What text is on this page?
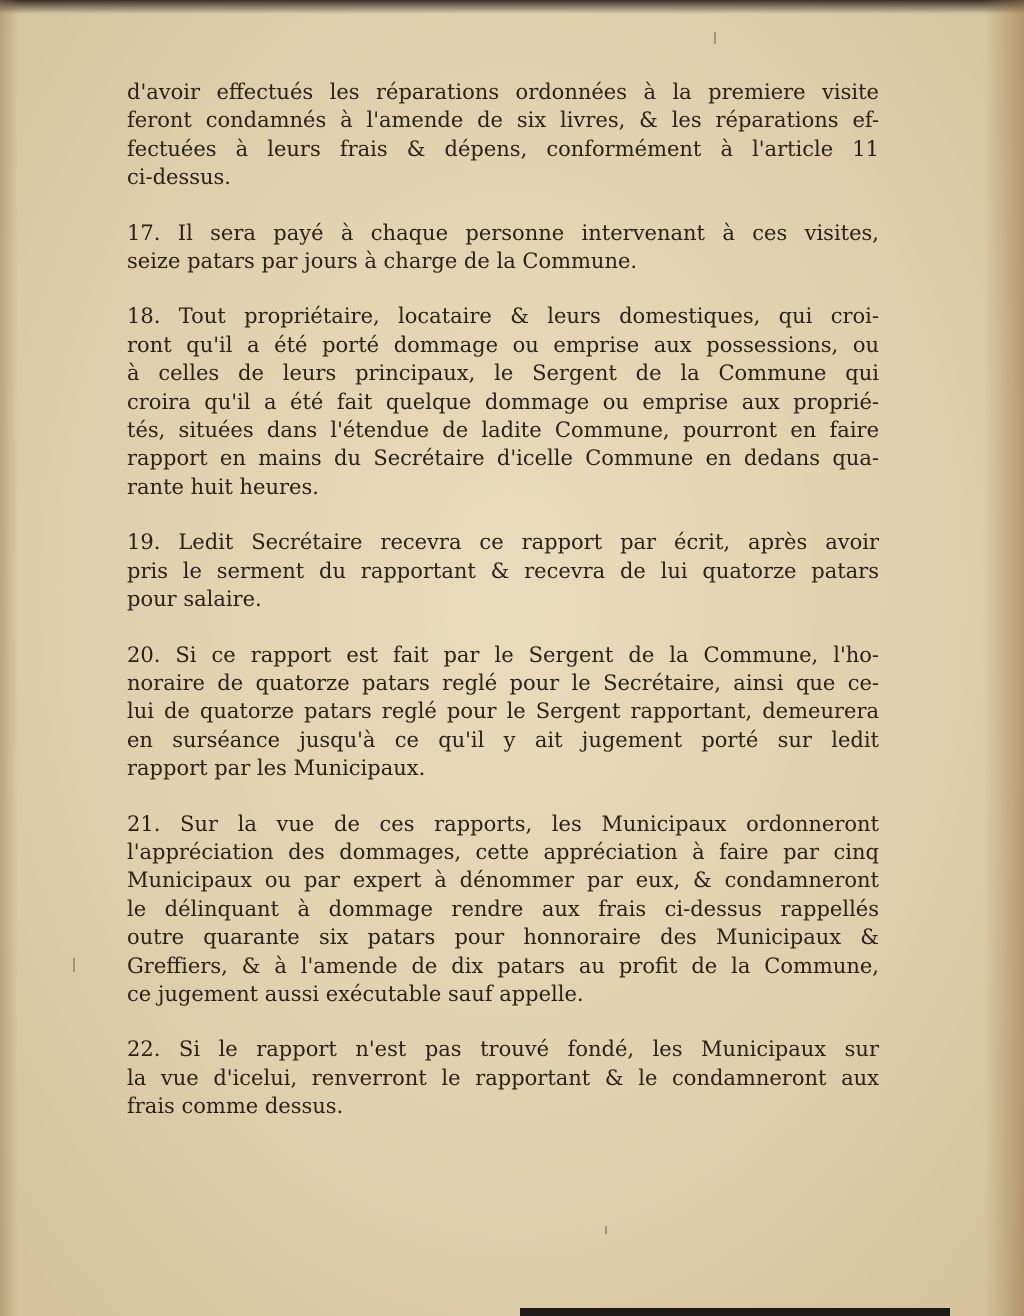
d'avoir effectués les réparations ordonnées à la premiere visite
feront condamnés à l'amende de six livres, & les réparations ef-
fectuées à leurs frais & dépens, conformément à l'article 11
ci-dessus.
17. Il sera payé à chaque personne intervenant à ces visites,
seize patars par jours à charge de la Commune.
18. Tout propriétaire, locataire & leurs domestiques, qui croi-
ront qu'il a été porté dommage ou emprise aux possessions, ou
à celles de leurs principaux, le Sergent de la Commune qui
croira qu'il a été fait quelque dommage ou emprise aux proprié-
tés, situées dans l'étendue de ladite Commune, pourront en faire
rapport en mains du Secrétaire d'icelle Commune en dedans qua-
rante huit heures.
19. Ledit Secrétaire recevra ce rapport par écrit, après avoir
pris le serment du rapportant & recevra de lui quatorze patars
pour salaire.
20. Si ce rapport est fait par le Sergent de la Commune, l'ho-
noraire de quatorze patars reglé pour le Secrétaire, ainsi que ce-
lui de quatorze patars reglé pour le Sergent rapportant, demeurera
en surséance jusqu'à ce qu'il y ait jugement porté sur ledit
rapport par les Municipaux.
21. Sur la vue de ces rapports, les Municipaux ordonneront
l'appréciation des dommages, cette appréciation à faire par cinq
Municipaux ou par expert à dénommer par eux, & condamneront
le délinquant à dommage rendre aux frais ci-dessus rappellés
outre quarante six patars pour honnoraire des Municipaux &
Greffiers, & à l'amende de dix patars au profit de la Commune,
ce jugement aussi exécutable sauf appelle.
22. Si le rapport n'est pas trouvé fondé, les Municipaux sur
la vue d'icelui, renverront le rapportant & le condamneront aux
frais comme dessus.
